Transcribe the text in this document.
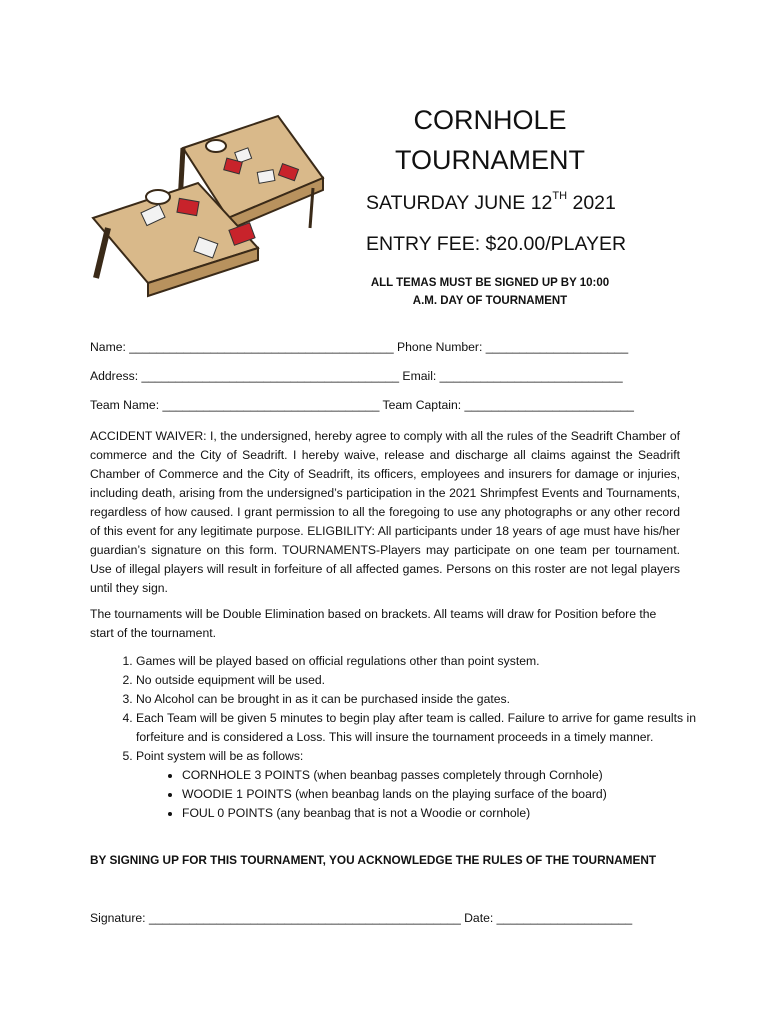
CORNHOLE
TOURNAMENT
SATURDAY JUNE 12TH 2021
ENTRY FEE: $20.00/PLAYER
ALL TEMAS MUST BE SIGNED UP BY 10:00
A.M. DAY OF TOURNAMENT
Name: _______________________________________ Phone Number: _____________________
Address: ______________________________________ Email: ___________________________
Team Name: ________________________________ Team Captain: _________________________
ACCIDENT WAIVER: I, the undersigned, hereby agree to comply with all the rules of the Seadrift Chamber of commerce and the City of Seadrift. I hereby waive, release and discharge all claims against the Seadrift Chamber of Commerce and the City of Seadrift, its officers, employees and insurers for damage or injuries, including death, arising from the undersigned’s participation in the 2021 Shrimpfest Events and Tournaments, regardless of how caused. I grant permission to all the foregoing to use any photographs or any other record of this event for any legitimate purpose. ELIGBILITY: All participants under 18 years of age must have his/her guardian’s signature on this form. TOURNAMENTS-Players may participate on one team per tournament. Use of illegal players will result in forfeiture of all affected games. Persons on this roster are not legal players until they sign.
The tournaments will be Double Elimination based on brackets. All teams will draw for Position before the start of the tournament.
1. Games will be played based on official regulations other than point system.
2. No outside equipment will be used.
3. No Alcohol can be brought in as it can be purchased inside the gates.
4. Each Team will be given 5 minutes to begin play after team is called. Failure to arrive for game results in forfeiture and is considered a Loss. This will insure the tournament proceeds in a timely manner.
5. Point system will be as follows:
• CORNHOLE 3 POINTS (when beanbag passes completely through Cornhole)
• WOODIE 1 POINTS (when beanbag lands on the playing surface of the board)
• FOUL 0 POINTS (any beanbag that is not a Woodie or cornhole)
BY SIGNING UP FOR THIS TOURNAMENT, YOU ACKNOWLEDGE THE RULES OF THE TOURNAMENT
Signature: ______________________________________________ Date: ____________________
